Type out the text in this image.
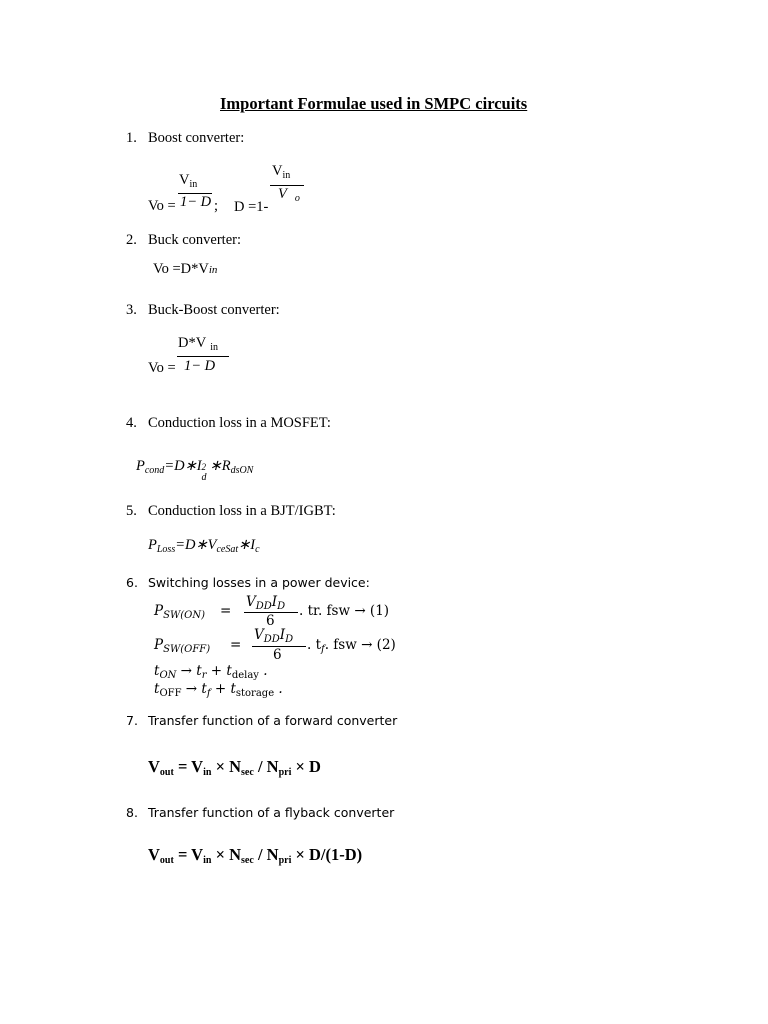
Important Formulae used in SMPC circuits
1. Boost converter:
Vo =
$V_{in}$
1− D ; D =1-
$V_{in}$
V $_o$
2. Buck converter:
Vo =D*Vin
3. Buck-Boost converter:
Vo =
D*V $_{in}$
1− D
4. Conduction loss in a MOSFET:
$P_{cond}=D∗I$ 2
d
$∗R_{dsON}$
5. Conduction loss in a BJT/IGBT:
$P_{Loss}=D∗V_{ceSat}∗I_c$
6. Switching losses in a power device:
$P_{SW(ON)}$ =
$V_{DD}I_D$
6
. tr. fsw → (1)
$P_{SW(OFF)}$ =
$V_{DD}I_D$
6
. $t_f$. fsw → (2)
$t_{ON} \to t_r + t_{delay}$ .
$t_{OFF} \to t_f + t_{storage}$ .
7. Transfer function of a forward converter
Vout = Vin × Nsec / Npri × D
8. Transfer function of a flyback converter
Vout = Vin × Nsec / Npri × D/(1-D)
